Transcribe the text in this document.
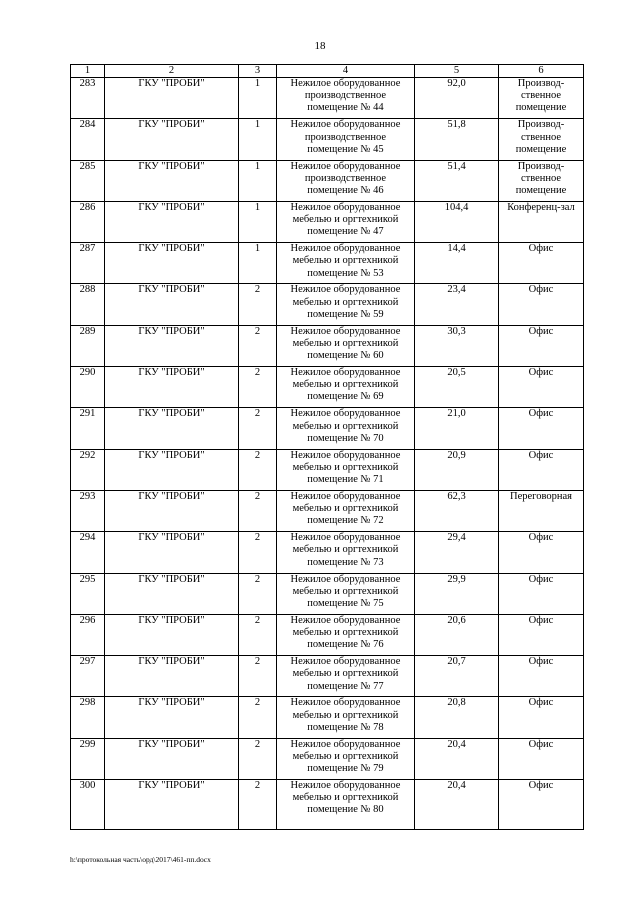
18
1	2	3	4	5	6
283	ГКУ "ПРОБИ"	1	Нежилое оборудованное производственное помещение № 44	92,0	Производ-ственное помещение
284	ГКУ "ПРОБИ"	1	Нежилое оборудованное производственное помещение № 45	51,8	Производ-ственное помещение
285	ГКУ "ПРОБИ"	1	Нежилое оборудованное производственное помещение № 46	51,4	Производ-ственное помещение
286	ГКУ "ПРОБИ"	1	Нежилое оборудованное мебелью и оргтехникой помещение № 47	104,4	Конференц-зал
287	ГКУ "ПРОБИ"	1	Нежилое оборудованное мебелью и оргтехникой помещение № 53	14,4	Офис
288	ГКУ "ПРОБИ"	2	Нежилое оборудованное мебелью и оргтехникой помещение № 59	23,4	Офис
289	ГКУ "ПРОБИ"	2	Нежилое оборудованное мебелью и оргтехникой помещение № 60	30,3	Офис
290	ГКУ "ПРОБИ"	2	Нежилое оборудованное мебелью и оргтехникой помещение № 69	20,5	Офис
291	ГКУ "ПРОБИ"	2	Нежилое оборудованное мебелью и оргтехникой помещение № 70	21,0	Офис
292	ГКУ "ПРОБИ"	2	Нежилое оборудованное мебелью и оргтехникой помещение № 71	20,9	Офис
293	ГКУ "ПРОБИ"	2	Нежилое оборудованное мебелью и оргтехникой помещение № 72	62,3	Переговорная
294	ГКУ "ПРОБИ"	2	Нежилое оборудованное мебелью и оргтехникой помещение № 73	29,4	Офис
295	ГКУ "ПРОБИ"	2	Нежилое оборудованное мебелью и оргтехникой помещение № 75	29,9	Офис
296	ГКУ "ПРОБИ"	2	Нежилое оборудованное мебелью и оргтехникой помещение № 76	20,6	Офис
297	ГКУ "ПРОБИ"	2	Нежилое оборудованное мебелью и оргтехникой помещение № 77	20,7	Офис
298	ГКУ "ПРОБИ"	2	Нежилое оборудованное мебелью и оргтехникой помещение № 78	20,8	Офис
299	ГКУ "ПРОБИ"	2	Нежилое оборудованное мебелью и оргтехникой помещение № 79	20,4	Офис
300	ГКУ "ПРОБИ"	2	Нежилое оборудованное мебелью и оргтехникой помещение № 80	20,4	Офис
h:\протокольная часть\орд\2017\461-пп.docx
